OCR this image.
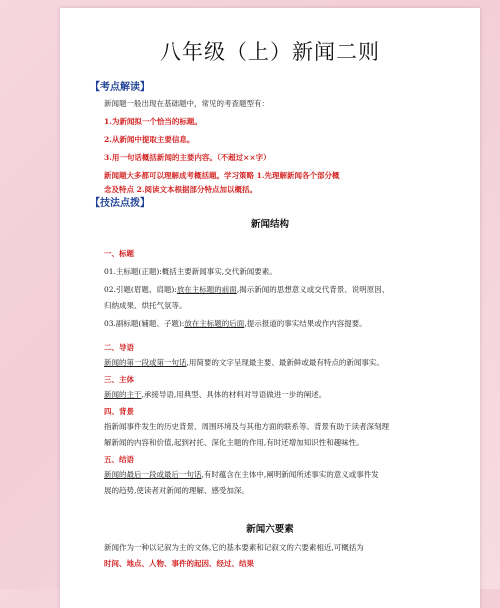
八年级（上）新闻二则
【考点解读】
新闻题一般出现在基础题中，常见的考查题型有：
1.为新闻拟一个恰当的标题。
2.从新闻中提取主要信息。
3.用一句话概括新闻的主要内容。（不超过××字）
新闻题大多都可以理解成考概括题。学习策略 1.先理解新闻各个部分概
念及特点 2.阅读文本根据部分特点加以概括。
【技法点拨】
新闻结构
一、标题
01.主标题(正题):概括主要新闻事实,交代新闻要素。
02.引题(眉题、肩题):放在主标题的前面,揭示新闻的思想意义或交代背景、说明原因、
归纳成果、烘托气氛等。
03.副标题(辅题、子题):放在主标题的后面,提示报道的事实结果或作内容提要。
二、导语
新闻的第一段或第一句话,用简要的文字呈现最主要、最新鲜或最有特点的新闻事实。
三、主体
新闻的主干,承接导语,用典型、具体的材料对导语做进一步的阐述。
四、背景
指新闻事件发生的历史背景、周围环境及与其他方面的联系等。背景有助于读者深刻理
解新闻的内容和价值,起到衬托、深化主题的作用,有时还增加知识性和趣味性。
五、结语
新闻的最后一段或最后一句话,有时蕴含在主体中,阐明新闻所述事实的意义或事件发
展的趋势,使读者对新闻的理解、感受加深。
新闻六要素
新闻作为一种以记叙为主的文体,它的基本要素和记叙文的六要素相近,可概括为
时间、地点、人物、事件的起因、经过、结果
